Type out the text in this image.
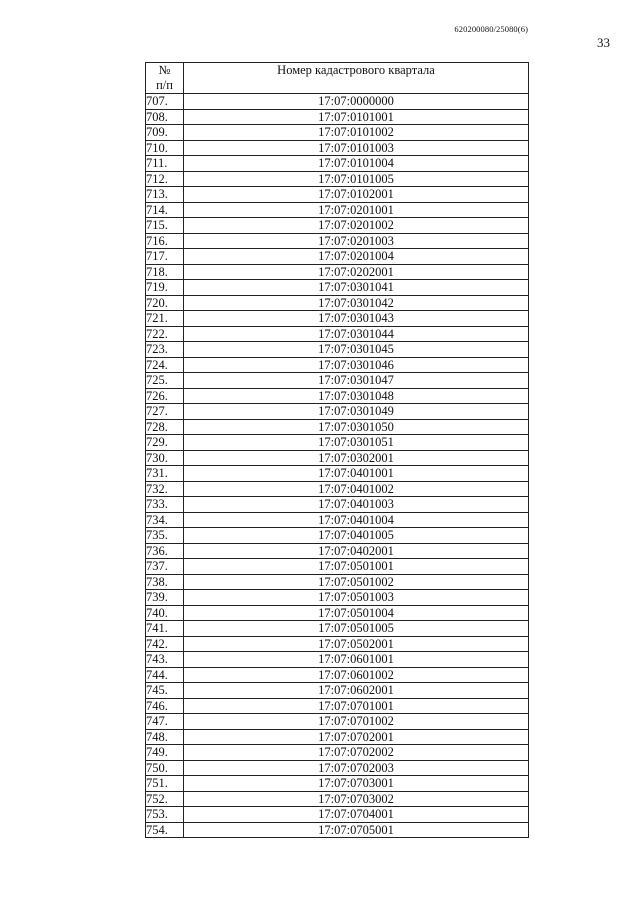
620200080/25080(6)
33
№
п/п	Номер кадастрового квартала
707.	17:07:0000000
708.	17:07:0101001
709.	17:07:0101002
710.	17:07:0101003
711.	17:07:0101004
712.	17:07:0101005
713.	17:07:0102001
714.	17:07:0201001
715.	17:07:0201002
716.	17:07:0201003
717.	17:07:0201004
718.	17:07:0202001
719.	17:07:0301041
720.	17:07:0301042
721.	17:07:0301043
722.	17:07:0301044
723.	17:07:0301045
724.	17:07:0301046
725.	17:07:0301047
726.	17:07:0301048
727.	17:07:0301049
728.	17:07:0301050
729.	17:07:0301051
730.	17:07:0302001
731.	17:07:0401001
732.	17:07:0401002
733.	17:07:0401003
734.	17:07:0401004
735.	17:07:0401005
736.	17:07:0402001
737.	17:07:0501001
738.	17:07:0501002
739.	17:07:0501003
740.	17:07:0501004
741.	17:07:0501005
742.	17:07:0502001
743.	17:07:0601001
744.	17:07:0601002
745.	17:07:0602001
746.	17:07:0701001
747.	17:07:0701002
748.	17:07:0702001
749.	17:07:0702002
750.	17:07:0702003
751.	17:07:0703001
752.	17:07:0703002
753.	17:07:0704001
754.	17:07:0705001
